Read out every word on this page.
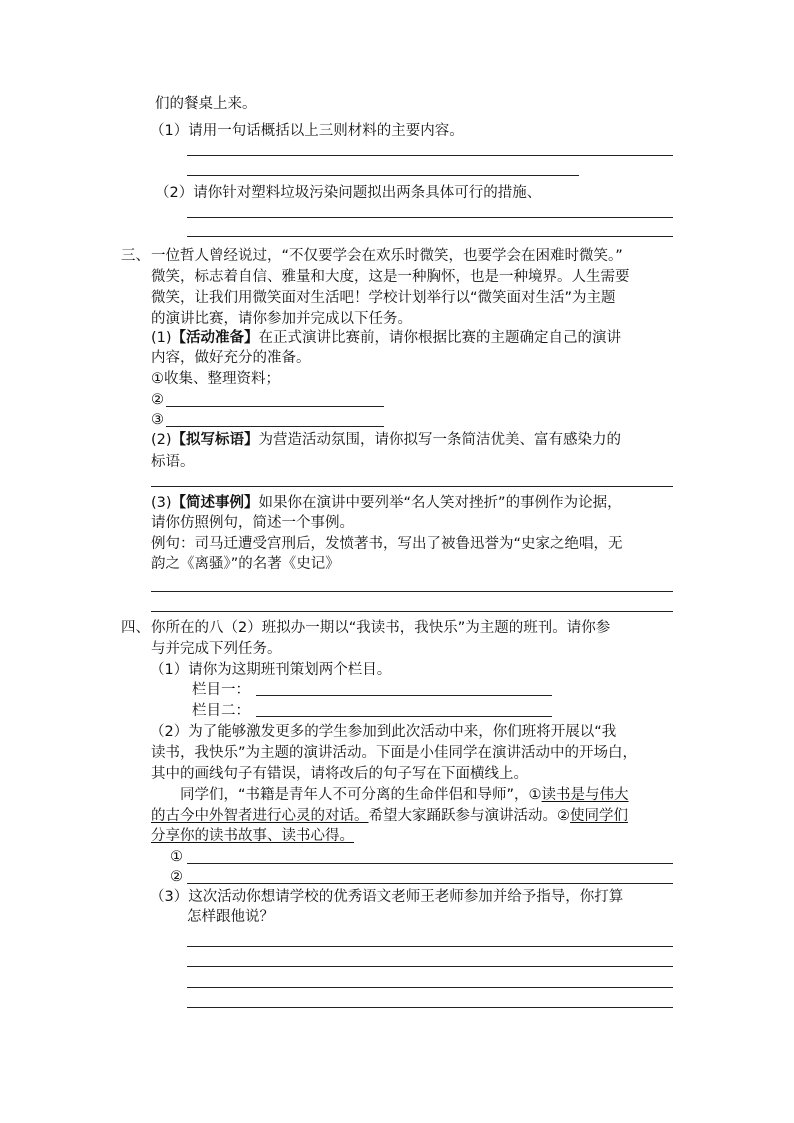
们的餐桌上来。
（1）请用一句话概括以上三则材料的主要内容。
（2）请你针对塑料垃圾污染问题拟出两条具体可行的措施、
三、 一位哲人曾经说过，“不仅要学会在欢乐时微笑，也要学会在困难时微笑。”
微笑，标志着自信、雅量和大度，这是一种胸怀，也是一种境界。人生需要
微笑，让我们用微笑面对生活吧！学校计划举行以“微笑面对生活”为主题
的演讲比赛，请你参加并完成以下任务。
(1)【活动准备】在正式演讲比赛前，请你根据比赛的主题确定自己的演讲
内容，做好充分的准备。
①收集、整理资料；
②
③
(2)【拟写标语】为营造活动氛围，请你拟写一条简洁优美、富有感染力的
标语。
(3)【简述事例】如果你在演讲中要列举“名人笑对挫折”的事例作为论据，
请你仿照例句，简述一个事例。
例句：司马迁遭受宫刑后，发愤著书，写出了被鲁迅誉为“史家之绝唱，无
韵之《离骚》”的名著《史记》
四、 你所在的八（2）班拟办一期以“我读书，我快乐”为主题的班刊。请你参
与并完成下列任务。
（1）请你为这期班刊策划两个栏目。
栏目一：
栏目二：
（2）为了能够激发更多的学生参加到此次活动中来，你们班将开展以“我
读书，我快乐”为主题的演讲活动。下面是小佳同学在演讲活动中的开场白，
其中的画线句子有错误，请将改后的句子写在下面横线上。
同学们，“书籍是青年人不可分离的生命伴侣和导师”，①读书是与伟大
的古今中外智者进行心灵的对话。希望大家踊跃参与演讲活动。②使同学们
分享你的读书故事、读书心得。
①
②
（3）这次活动你想请学校的优秀语文老师王老师参加并给予指导，你打算
怎样跟他说？
